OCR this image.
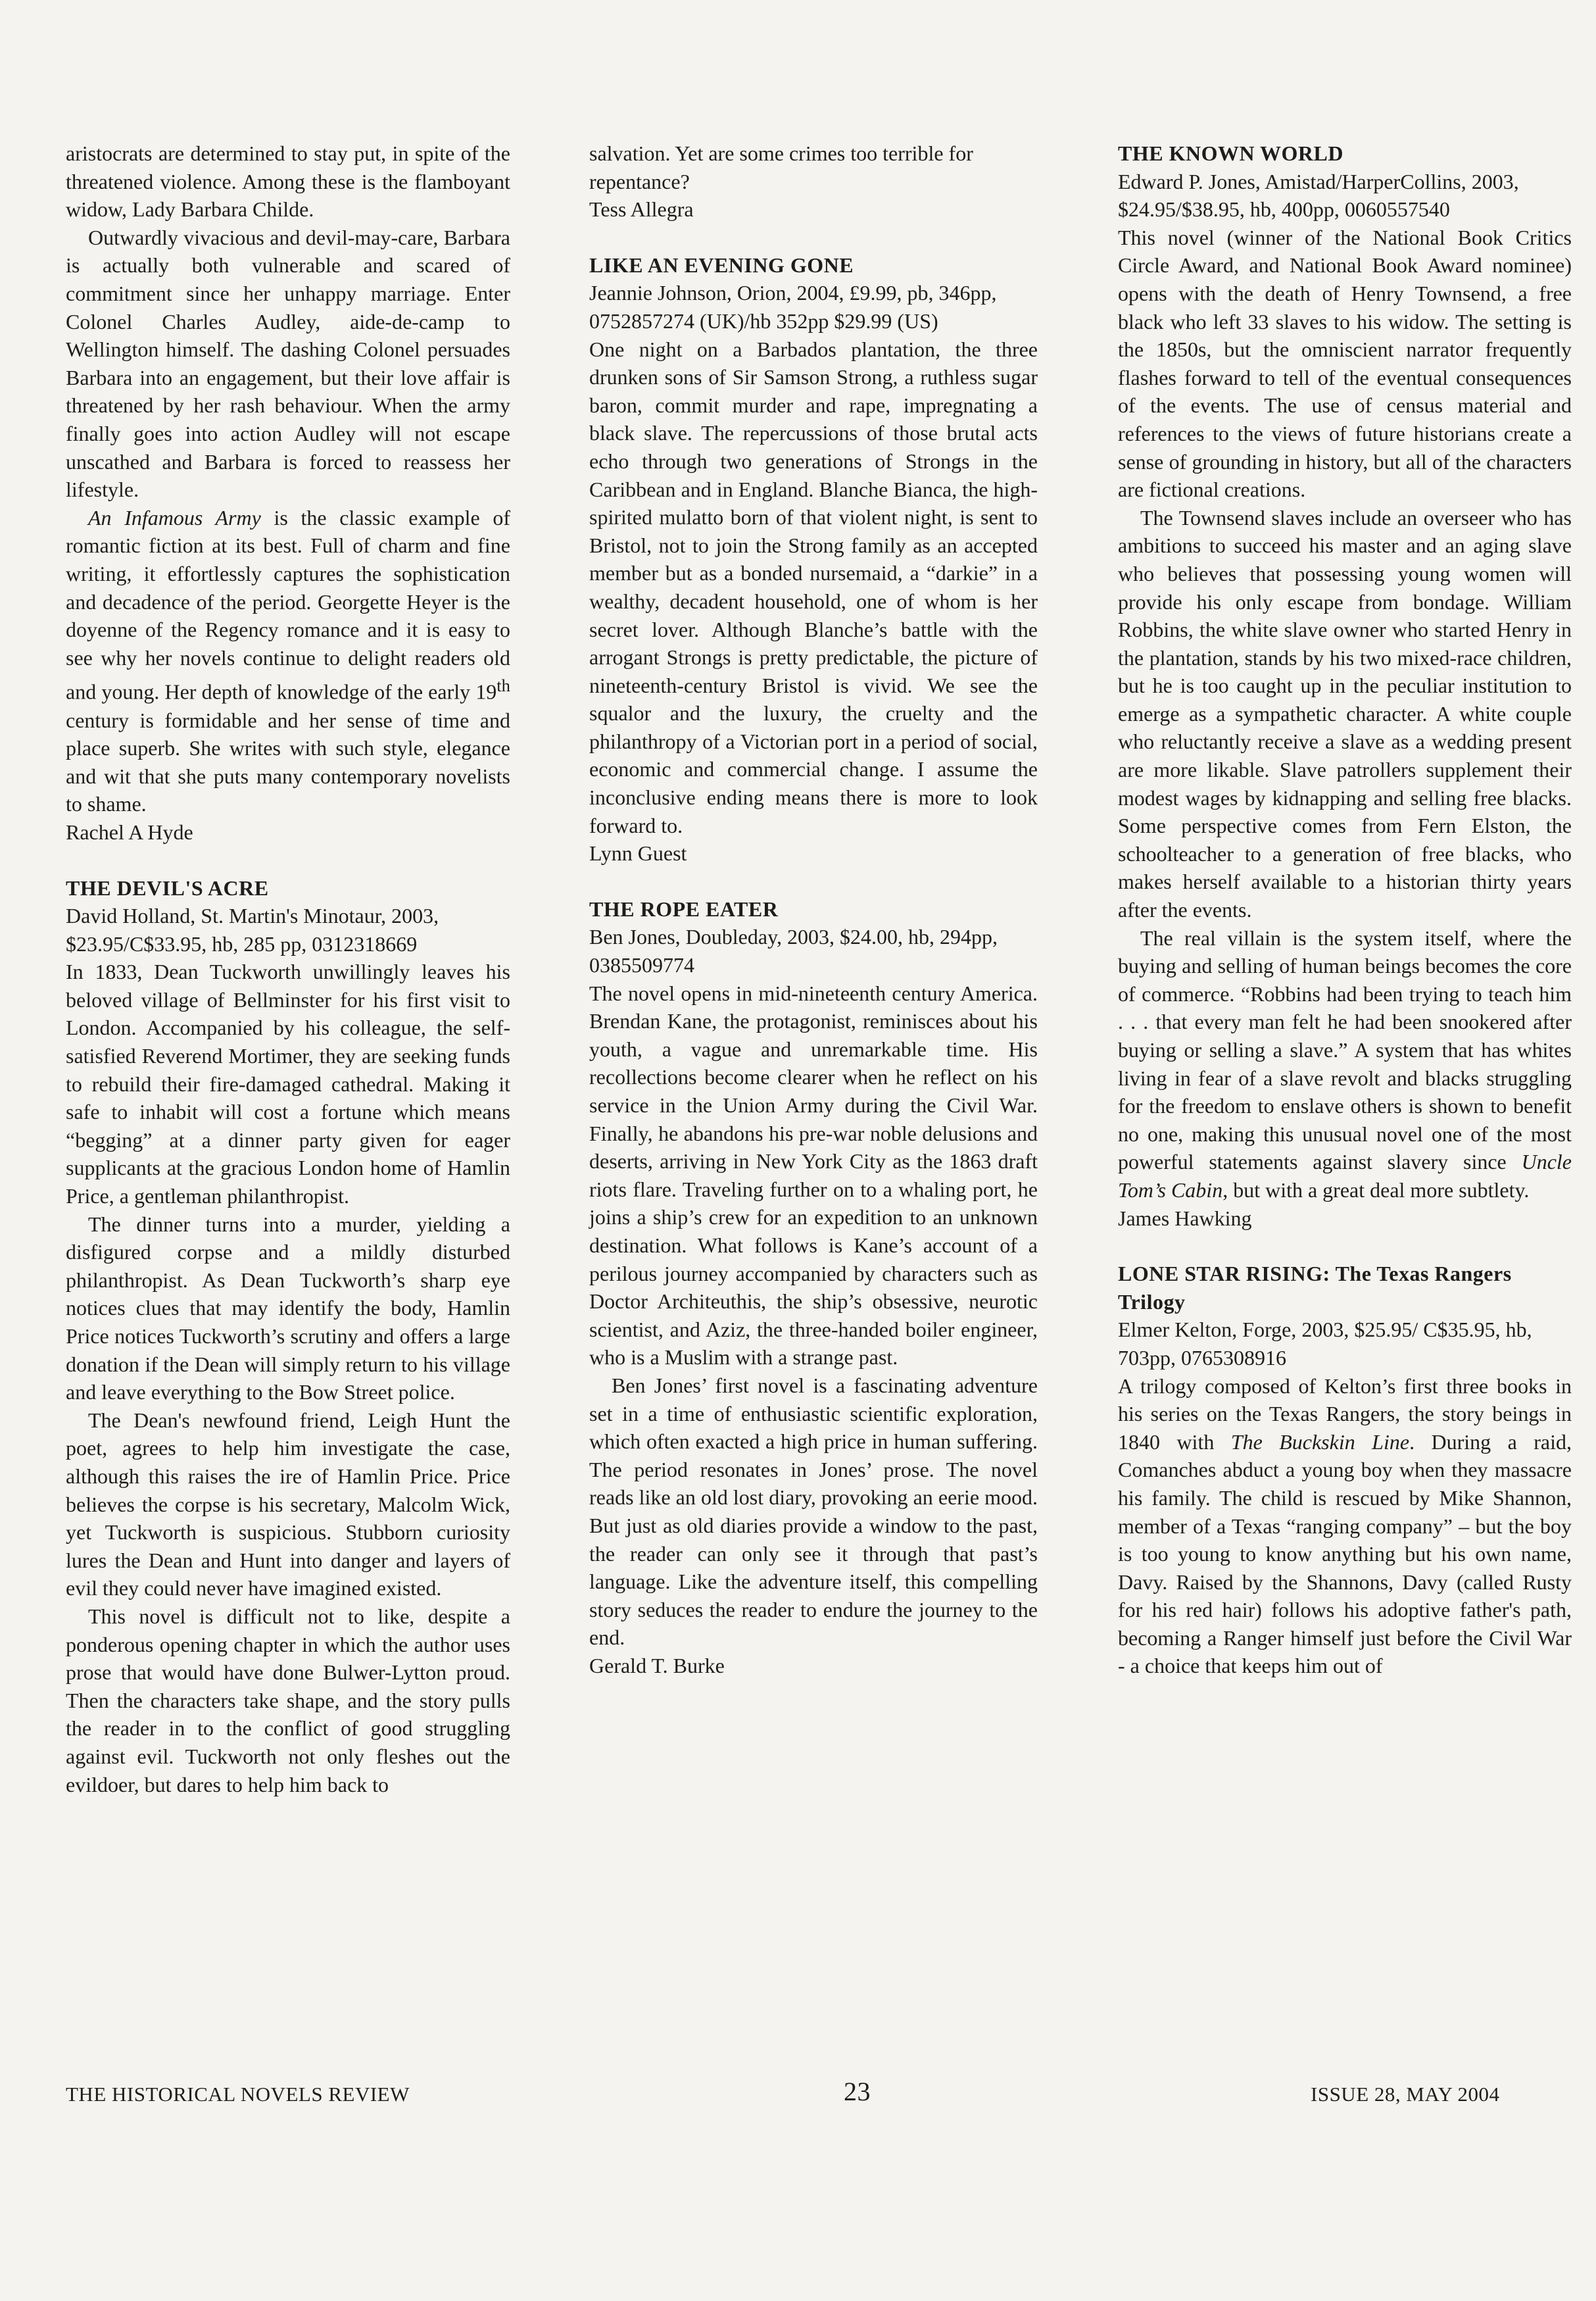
aristocrats are determined to stay put, in spite of the threatened violence. Among these is the flamboyant widow, Lady Barbara Childe.

Outwardly vivacious and devil-may-care, Barbara is actually both vulnerable and scared of commitment since her unhappy marriage. Enter Colonel Charles Audley, aide-de-camp to Wellington himself. The dashing Colonel persuades Barbara into an engagement, but their love affair is threatened by her rash behaviour. When the army finally goes into action Audley will not escape unscathed and Barbara is forced to reassess her lifestyle.

An Infamous Army is the classic example of romantic fiction at its best. Full of charm and fine writing, it effortlessly captures the sophistication and decadence of the period. Georgette Heyer is the doyenne of the Regency romance and it is easy to see why her novels continue to delight readers old and young. Her depth of knowledge of the early 19th century is formidable and her sense of time and place superb. She writes with such style, elegance and wit that she puts many contemporary novelists to shame.

Rachel A Hyde

THE DEVIL'S ACRE

David Holland, St. Martin's Minotaur, 2003, $23.95/C$33.95, hb, 285 pp, 0312318669

In 1833, Dean Tuckworth unwillingly leaves his beloved village of Bellminster for his first visit to London. Accompanied by his colleague, the self-satisfied Reverend Mortimer, they are seeking funds to rebuild their fire-damaged cathedral. Making it safe to inhabit will cost a fortune which means “begging” at a dinner party given for eager supplicants at the gracious London home of Hamlin Price, a gentleman philanthropist.

The dinner turns into a murder, yielding a disfigured corpse and a mildly disturbed philanthropist. As Dean Tuckworth’s sharp eye notices clues that may identify the body, Hamlin Price notices Tuckworth’s scrutiny and offers a large donation if the Dean will simply return to his village and leave everything to the Bow Street police.

The Dean's newfound friend, Leigh Hunt the poet, agrees to help him investigate the case, although this raises the ire of Hamlin Price. Price believes the corpse is his secretary, Malcolm Wick, yet Tuckworth is suspicious. Stubborn curiosity lures the Dean and Hunt into danger and layers of evil they could never have imagined existed.

This novel is difficult not to like, despite a ponderous opening chapter in which the author uses prose that would have done Bulwer-Lytton proud. Then the characters take shape, and the story pulls the reader in to the conflict of good struggling against evil. Tuckworth not only fleshes out the evildoer, but dares to help him back to

salvation. Yet are some crimes too terrible for repentance?

Tess Allegra

LIKE AN EVENING GONE

Jeannie Johnson, Orion, 2004, £9.99, pb, 346pp, 0752857274 (UK)/hb 352pp $29.99 (US)

One night on a Barbados plantation, the three drunken sons of Sir Samson Strong, a ruthless sugar baron, commit murder and rape, impregnating a black slave. The repercussions of those brutal acts echo through two generations of Strongs in the Caribbean and in England. Blanche Bianca, the high-spirited mulatto born of that violent night, is sent to Bristol, not to join the Strong family as an accepted member but as a bonded nursemaid, a “darkie” in a wealthy, decadent household, one of whom is her secret lover. Although Blanche’s battle with the arrogant Strongs is pretty predictable, the picture of nineteenth-century Bristol is vivid. We see the squalor and the luxury, the cruelty and the philanthropy of a Victorian port in a period of social, economic and commercial change. I assume the inconclusive ending means there is more to look forward to.

Lynn Guest

THE ROPE EATER

Ben Jones, Doubleday, 2003, $24.00, hb, 294pp, 0385509774

The novel opens in mid-nineteenth century America. Brendan Kane, the protagonist, reminisces about his youth, a vague and unremarkable time. His recollections become clearer when he reflect on his service in the Union Army during the Civil War. Finally, he abandons his pre-war noble delusions and deserts, arriving in New York City as the 1863 draft riots flare. Traveling further on to a whaling port, he joins a ship’s crew for an expedition to an unknown destination. What follows is Kane’s account of a perilous journey accompanied by characters such as Doctor Architeuthis, the ship’s obsessive, neurotic scientist, and Aziz, the three-handed boiler engineer, who is a Muslim with a strange past.

Ben Jones’ first novel is a fascinating adventure set in a time of enthusiastic scientific exploration, which often exacted a high price in human suffering. The period resonates in Jones’ prose. The novel reads like an old lost diary, provoking an eerie mood. But just as old diaries provide a window to the past, the reader can only see it through that past’s language. Like the adventure itself, this compelling story seduces the reader to endure the journey to the end.

Gerald T. Burke

THE KNOWN WORLD

Edward P. Jones, Amistad/HarperCollins, 2003, $24.95/$38.95, hb, 400pp, 0060557540

This novel (winner of the National Book Critics Circle Award, and National Book Award nominee) opens with the death of Henry Townsend, a free black who left 33 slaves to his widow. The setting is the 1850s, but the omniscient narrator frequently flashes forward to tell of the eventual consequences of the events. The use of census material and references to the views of future historians create a sense of grounding in history, but all of the characters are fictional creations.

The Townsend slaves include an overseer who has ambitions to succeed his master and an aging slave who believes that possessing young women will provide his only escape from bondage. William Robbins, the white slave owner who started Henry in the plantation, stands by his two mixed-race children, but he is too caught up in the peculiar institution to emerge as a sympathetic character. A white couple who reluctantly receive a slave as a wedding present are more likable. Slave patrollers supplement their modest wages by kidnapping and selling free blacks. Some perspective comes from Fern Elston, the schoolteacher to a generation of free blacks, who makes herself available to a historian thirty years after the events.

The real villain is the system itself, where the buying and selling of human beings becomes the core of commerce. “Robbins had been trying to teach him . . . that every man felt he had been snookered after buying or selling a slave.” A system that has whites living in fear of a slave revolt and blacks struggling for the freedom to enslave others is shown to benefit no one, making this unusual novel one of the most powerful statements against slavery since Uncle Tom’s Cabin, but with a great deal more subtlety.

James Hawking

LONE STAR RISING: The Texas Rangers Trilogy

Elmer Kelton, Forge, 2003, $25.95/ C$35.95, hb, 703pp, 0765308916

A trilogy composed of Kelton’s first three books in his series on the Texas Rangers, the story beings in 1840 with The Buckskin Line. During a raid, Comanches abduct a young boy when they massacre his family. The child is rescued by Mike Shannon, member of a Texas “ranging company” – but the boy is too young to know anything but his own name, Davy. Raised by the Shannons, Davy (called Rusty for his red hair) follows his adoptive father's path, becoming a Ranger himself just before the Civil War - a choice that keeps him out of

THE HISTORICAL NOVELS REVIEW	23	ISSUE 28, MAY 2004
